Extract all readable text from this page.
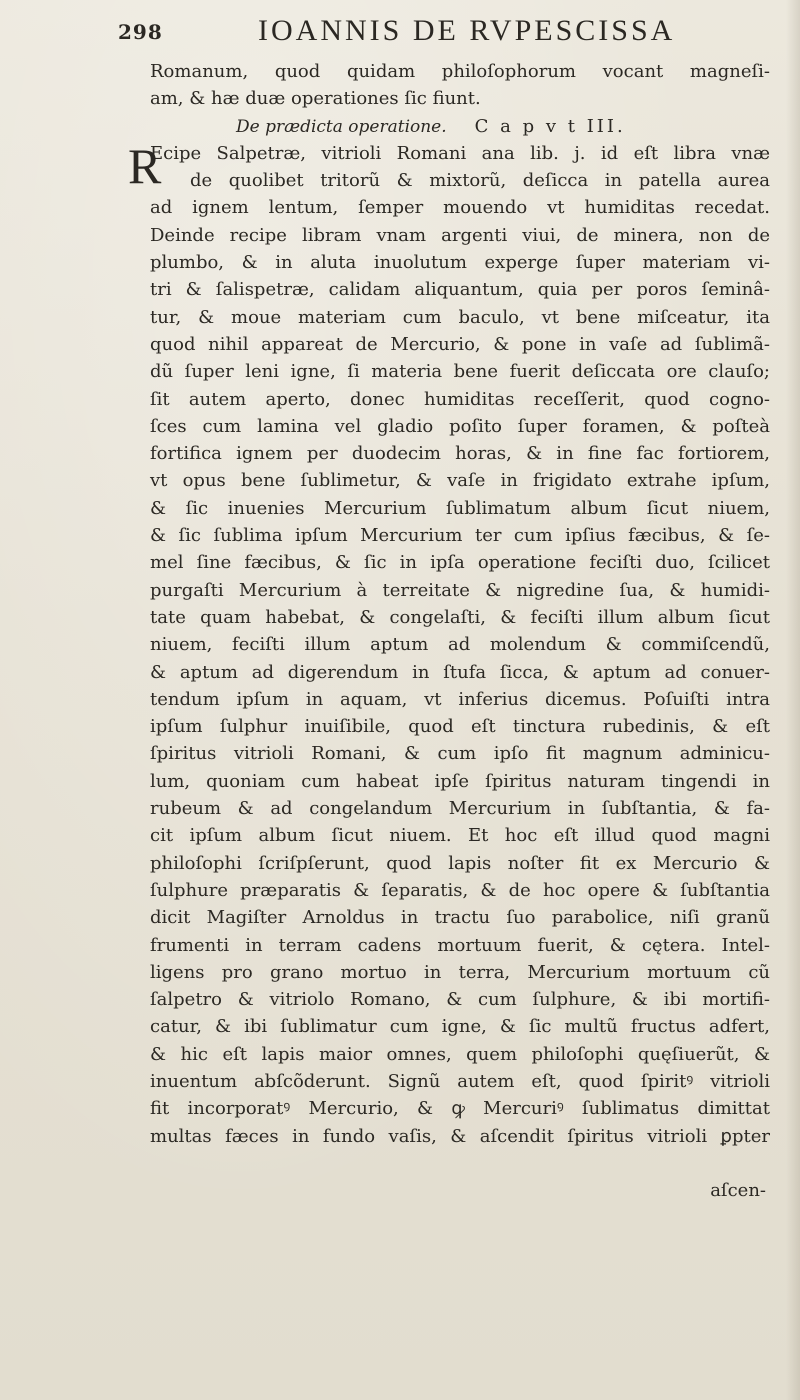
298	IOANNIS DE RVPESCISSA
Romanum, quod quidam philoſophorum vocant magneſi-
am, & hæ duæ operationes ſic fiunt.
De prædicta operatione. C a p v t III.
R
Ecipe Salpetræ, vitrioli Romani ana lib. j. id eſt libra vnæ
de quolibet tritorũ & mixtorũ, deſicca in patella aurea
ad ignem lentum, ſemper mouendo vt humiditas recedat.
Deinde recipe libram vnam argenti viui, de minera, non de
plumbo, & in aluta inuolutum experge ſuper materiam vi-
tri & ſalispetræ, calidam aliquantum, quia per poros ſeminâ-
tur, & moue materiam cum baculo, vt bene miſceatur, ita
quod nihil appareat de Mercurio, & pone in vaſe ad ſublimã-
dũ ſuper leni igne, ſi materia bene fuerit deſiccata ore clauſo;
ſit autem aperto, donec humiditas receſſerit, quod cogno-
ſces cum lamina vel gladio poſito ſuper foramen, & poſteà
fortifica ignem per duodecim horas, & in fine fac fortiorem,
vt opus bene ſublimetur, & vaſe in frigidato extrahe ipſum,
& ſic inuenies Mercurium ſublimatum album ſicut niuem,
& ſic ſublima ipſum Mercurium ter cum ipſius fæcibus, & ſe-
mel ſine fæcibus, & ſic in ipſa operatione feciſti duo, ſcilicet
purgaſti Mercurium à terreitate & nigredine ſua, & humidi-
tate quam habebat, & congelaſti, & feciſti illum album ſicut
niuem, feciſti illum aptum ad molendum & commiſcendũ,
& aptum ad digerendum in ſtufa ſicca, & aptum ad conuer-
tendum ipſum in aquam, vt inferius dicemus. Poſuiſti intra
ipſum ſulphur inuiſibile, quod eſt tinctura rubedinis, & eſt
ſpiritus vitrioli Romani, & cum ipſo fit magnum adminicu-
lum, quoniam cum habeat ipſe ſpiritus naturam tingendi in
rubeum & ad congelandum Mercurium in ſubſtantia, & fa-
cit ipſum album ſicut niuem. Et hoc eſt illud quod magni
philoſophi ſcriſpſerunt, quod lapis noſter fit ex Mercurio &
ſulphure præparatis & ſeparatis, & de hoc opere & ſubſtantia
dicit Magiſter Arnoldus in tractu ſuo parabolice, niſi granũ
frumenti in terram cadens mortuum fuerit, & cętera. Intel-
ligens pro grano mortuo in terra, Mercurium mortuum cũ
ſalpetro & vitriolo Romano, & cum ſulphure, & ibi mortifi-
catur, & ibi ſublimatur cum igne, & ſic multũ fructus adfert,
& hic eſt lapis maior omnes, quem philoſophi quęſiuerũt, &
inuentum abſcõderunt. Signũ autem eſt, quod ſpiritꝰ vitrioli
fit incorporatꝰ Mercurio, & ꝙ Mercuriꝰ ſublimatus dimittat
multas fæces in fundo vaſis, & aſcendit ſpiritus vitrioli ꝑpter
aſcen-
